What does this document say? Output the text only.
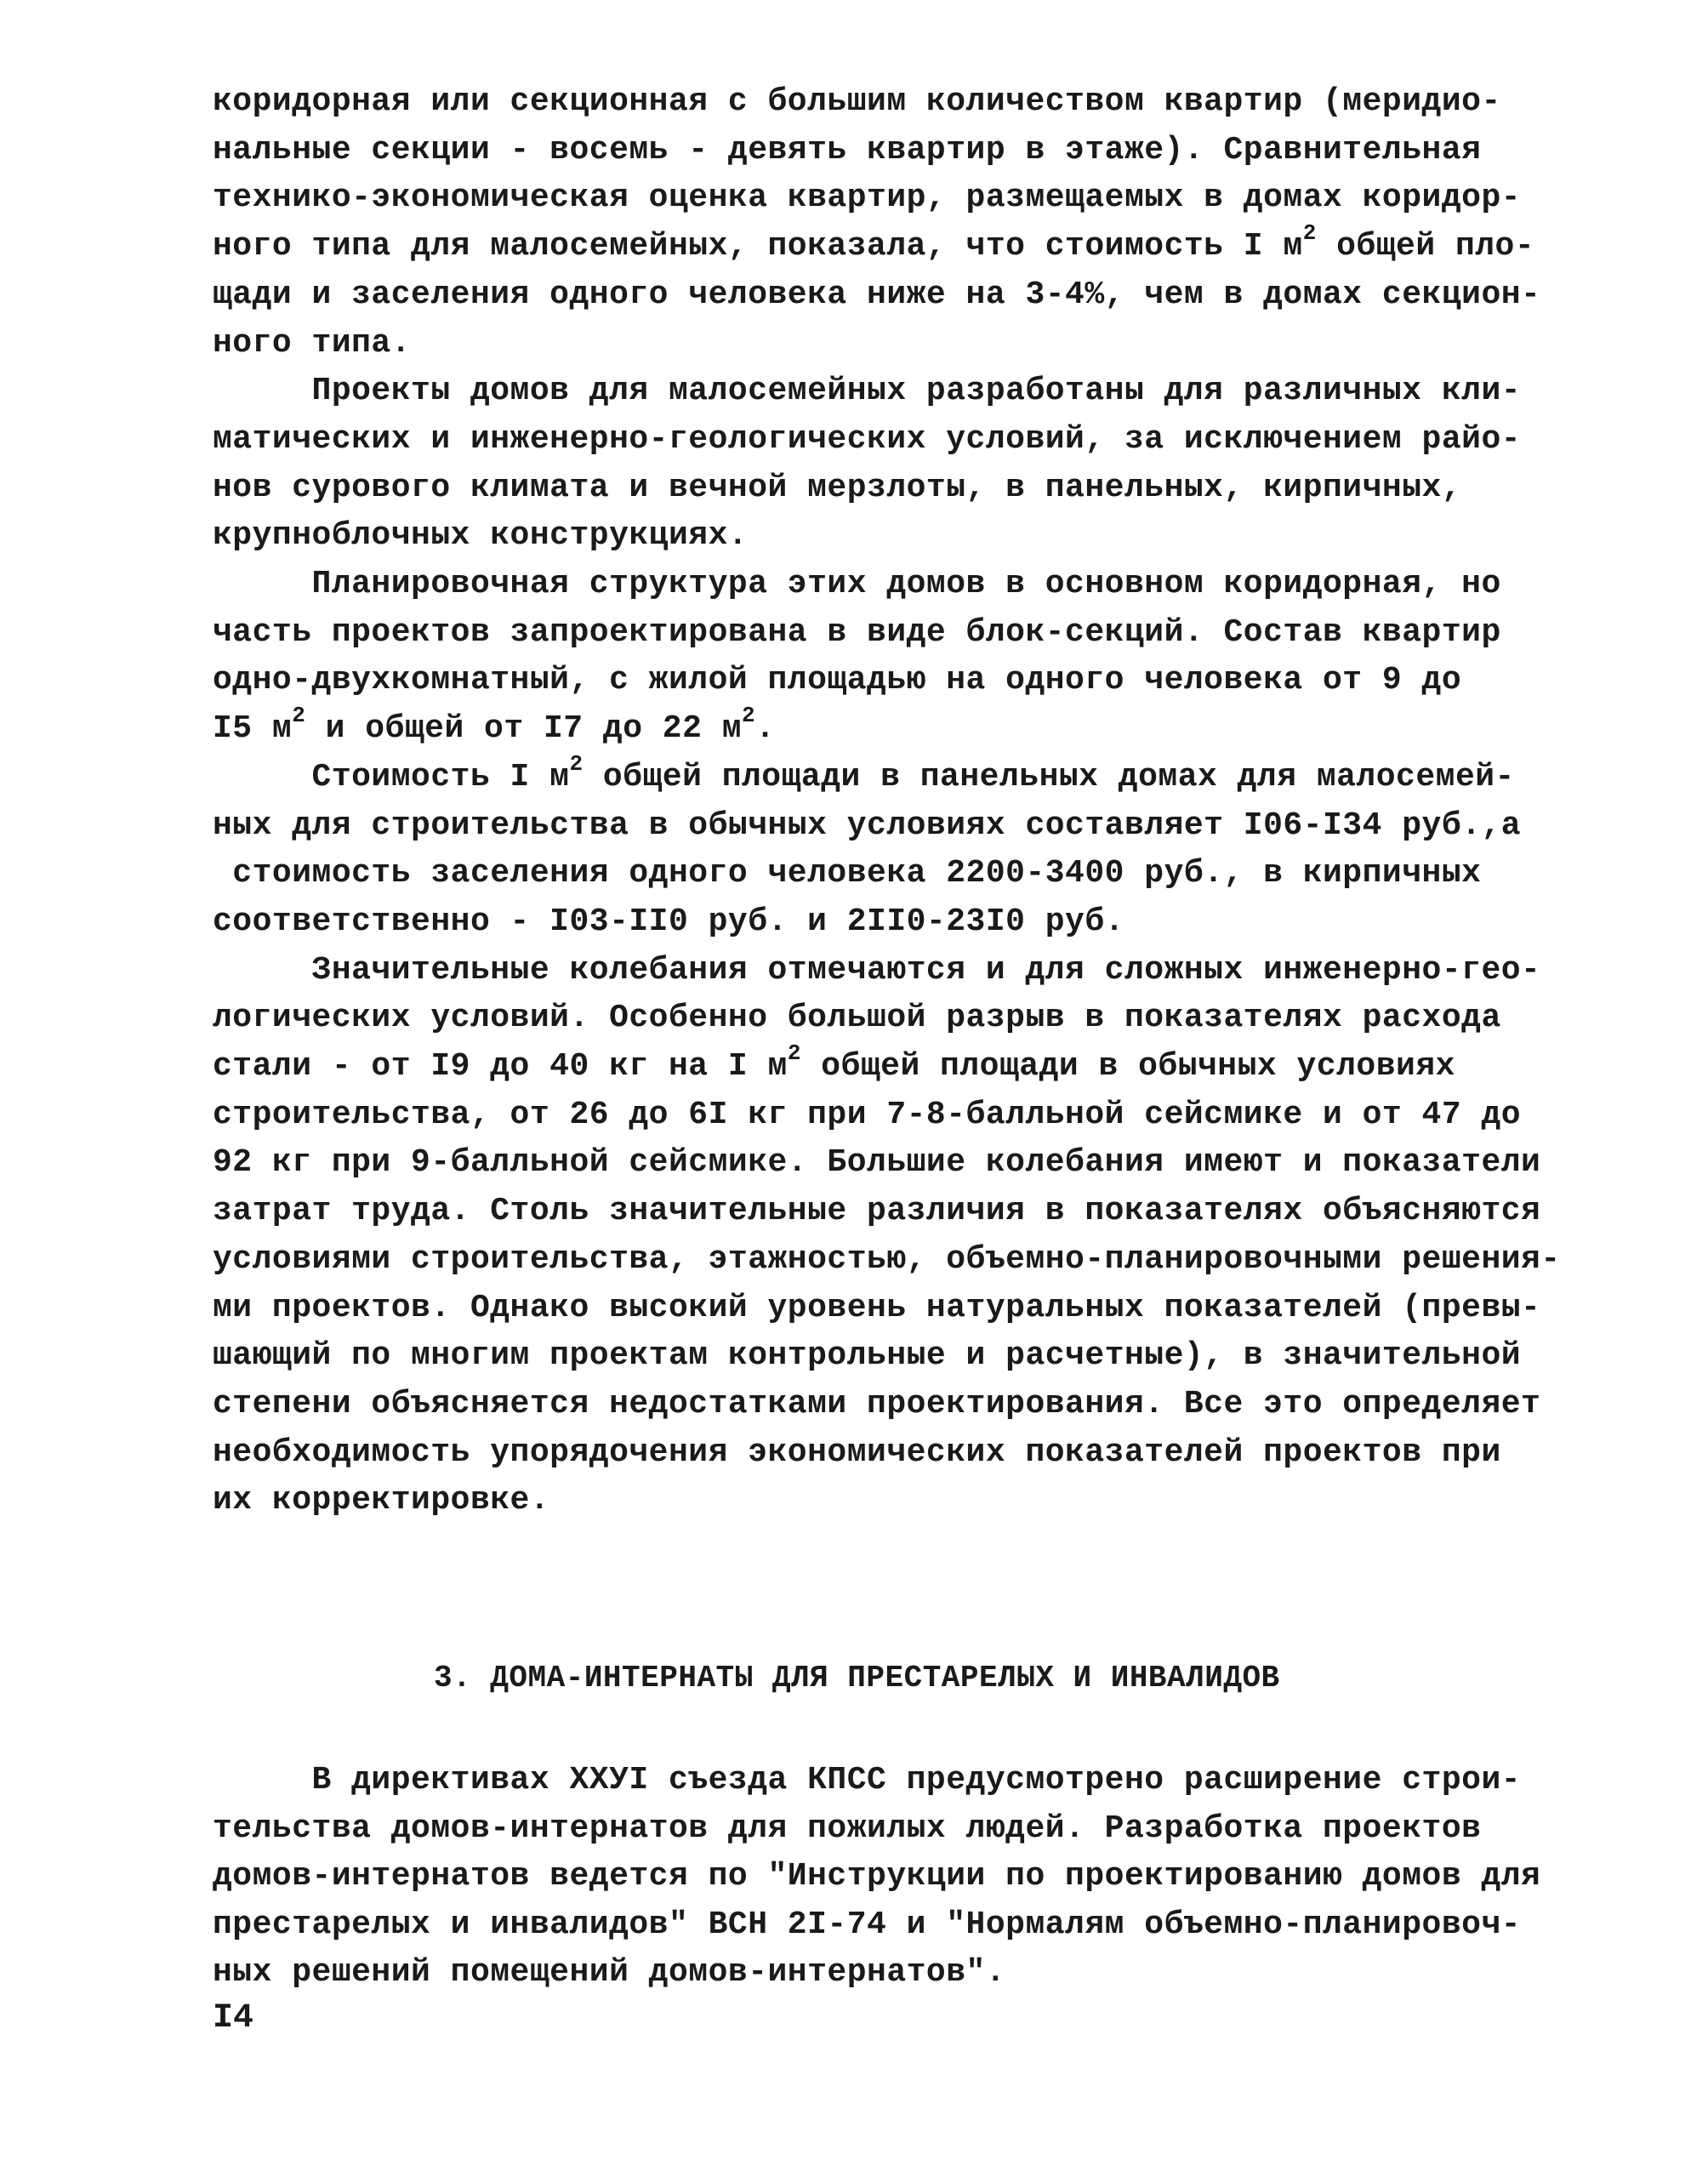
коридорная или секционная с большим количеством квартир (меридио-
нальные секции - восемь - девять квартир в этаже). Сравнительная
технико-экономическая оценка квартир, размещаемых в домах коридор-
ного типа для малосемейных, показала, что стоимость I $м^2$ общей пло-
щади и заселения одного человека ниже на 3-4%, чем в домах секцион-
ного типа.
Проекты домов для малосемейных разработаны для различных кли-
матических и инженерно-геологических условий, за исключением райо-
нов сурового климата и вечной мерзлоты, в панельных, кирпичных,
крупноблочных конструкциях.
Планировочная структура этих домов в основном коридорная, но
часть проектов запроектирована в виде блок-секций. Состав квартир
одно-двухкомнатный, с жилой площадью на одного человека от 9 до
I5 $м^2$ и общей от I7 до 22 $м^2$.
Стоимость I $м^2$ общей площади в панельных домах для малосемей-
ных для строительства в обычных условиях составляет I06-I34 руб.,а
стоимость заселения одного человека 2200-3400 руб., в кирпичных
соответственно - I03-II0 руб. и 2II0-23I0 руб.
Значительные колебания отмечаются и для сложных инженерно-гео-
логических условий. Особенно большой разрыв в показателях расхода
стали - от I9 до 40 кг на I $м^2$ общей площади в обычных условиях
строительства, от 26 до 6I кг при 7-8-балльной сейсмике и от 47 до
92 кг при 9-балльной сейсмике. Большие колебания имеют и показатели
затрат труда. Столь значительные различия в показателях объясняются
условиями строительства, этажностью, объемно-планировочными решения-
ми проектов. Однако высокий уровень натуральных показателей (превы-
шающий по многим проектам контрольные и расчетные), в значительной
степени объясняется недостатками проектирования. Все это определяет
необходимость упорядочения экономических показателей проектов при
их корректировке.
3. ДОМА-ИНТЕРНАТЫ ДЛЯ ПРЕСТАРЕЛЫХ И ИНВАЛИДОВ
В директивах ХХУI съезда КПСС предусмотрено расширение строи-
тельства домов-интернатов для пожилых людей. Разработка проектов
домов-интернатов ведется по "Инструкции по проектированию домов для
престарелых и инвалидов" ВСН 2I-74 и "Нормалям объемно-планировоч-
ных решений помещений домов-интернатов".
I4
